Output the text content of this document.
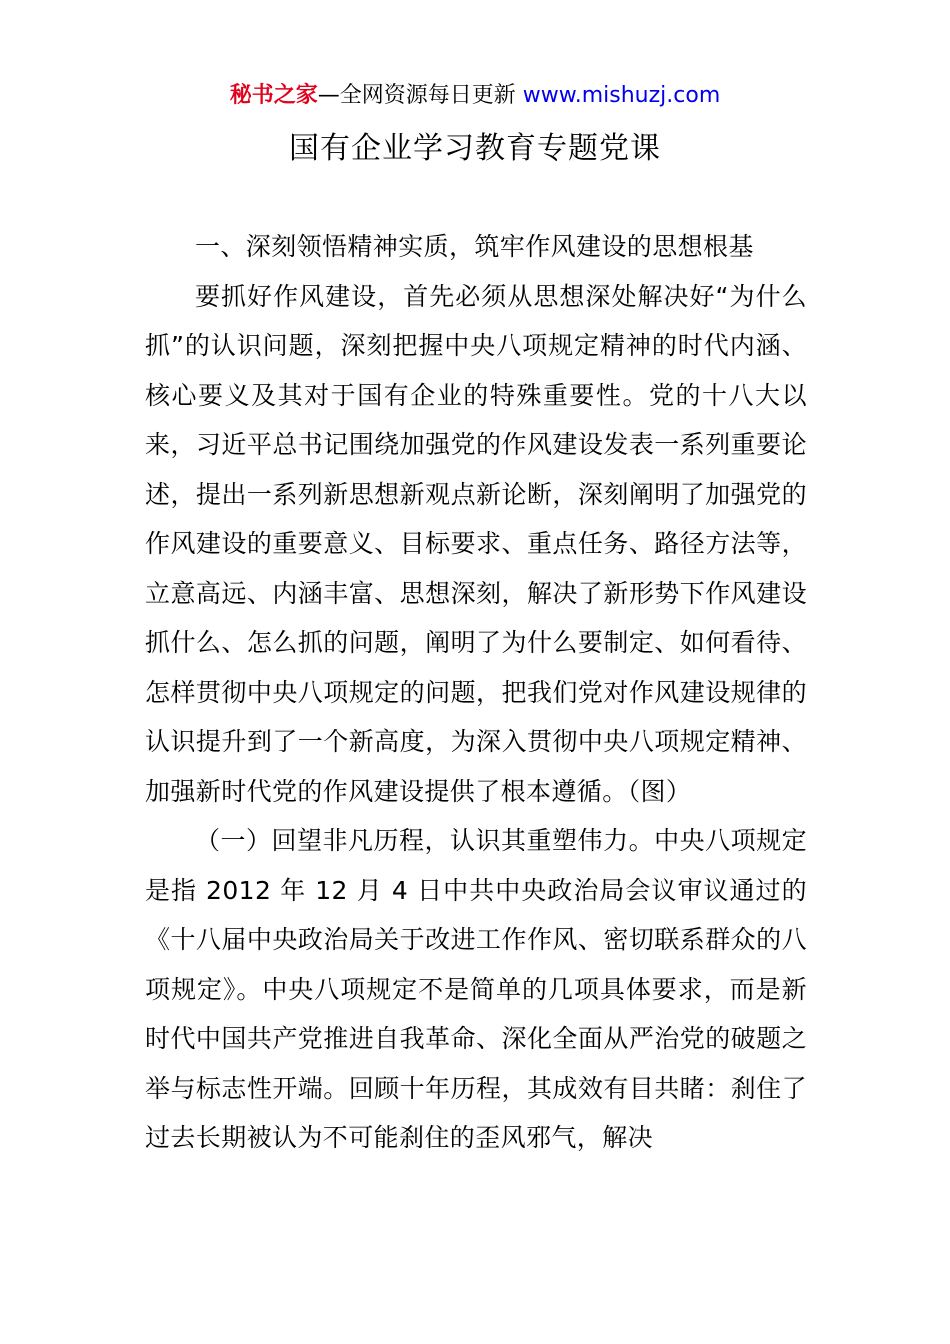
秘书之家—全网资源每日更新 www.mishuzj.com
国有企业学习教育专题党课

一、深刻领悟精神实质，筑牢作风建设的思想根基

要抓好作风建设，首先必须从思想深处解决好“为什么抓”的认识问题，深刻把握中央八项规定精神的时代内涵、核心要义及其对于国有企业的特殊重要性。党的十八大以来，习近平总书记围绕加强党的作风建设发表一系列重要论述，提出一系列新思想新观点新论断，深刻阐明了加强党的作风建设的重要意义、目标要求、重点任务、路径方法等，立意高远、内涵丰富、思想深刻，解决了新形势下作风建设抓什么、怎么抓的问题，阐明了为什么要制定、如何看待、怎样贯彻中央八项规定的问题，把我们党对作风建设规律的认识提升到了一个新高度，为深入贯彻中央八项规定精神、加强新时代党的作风建设提供了根本遵循。（图）

（一）回望非凡历程，认识其重塑伟力。中央八项规定是指 2012 年 12 月 4 日中共中央政治局会议审议通过的《十八届中央政治局关于改进工作作风、密切联系群众的八项规定》。中央八项规定不是简单的几项具体要求，而是新时代中国共产党推进自我革命、深化全面从严治党的破题之举与标志性开端。回顾十年历程，其成效有目共睹：刹住了过去长期被认为不可能刹住的歪风邪气，解决
